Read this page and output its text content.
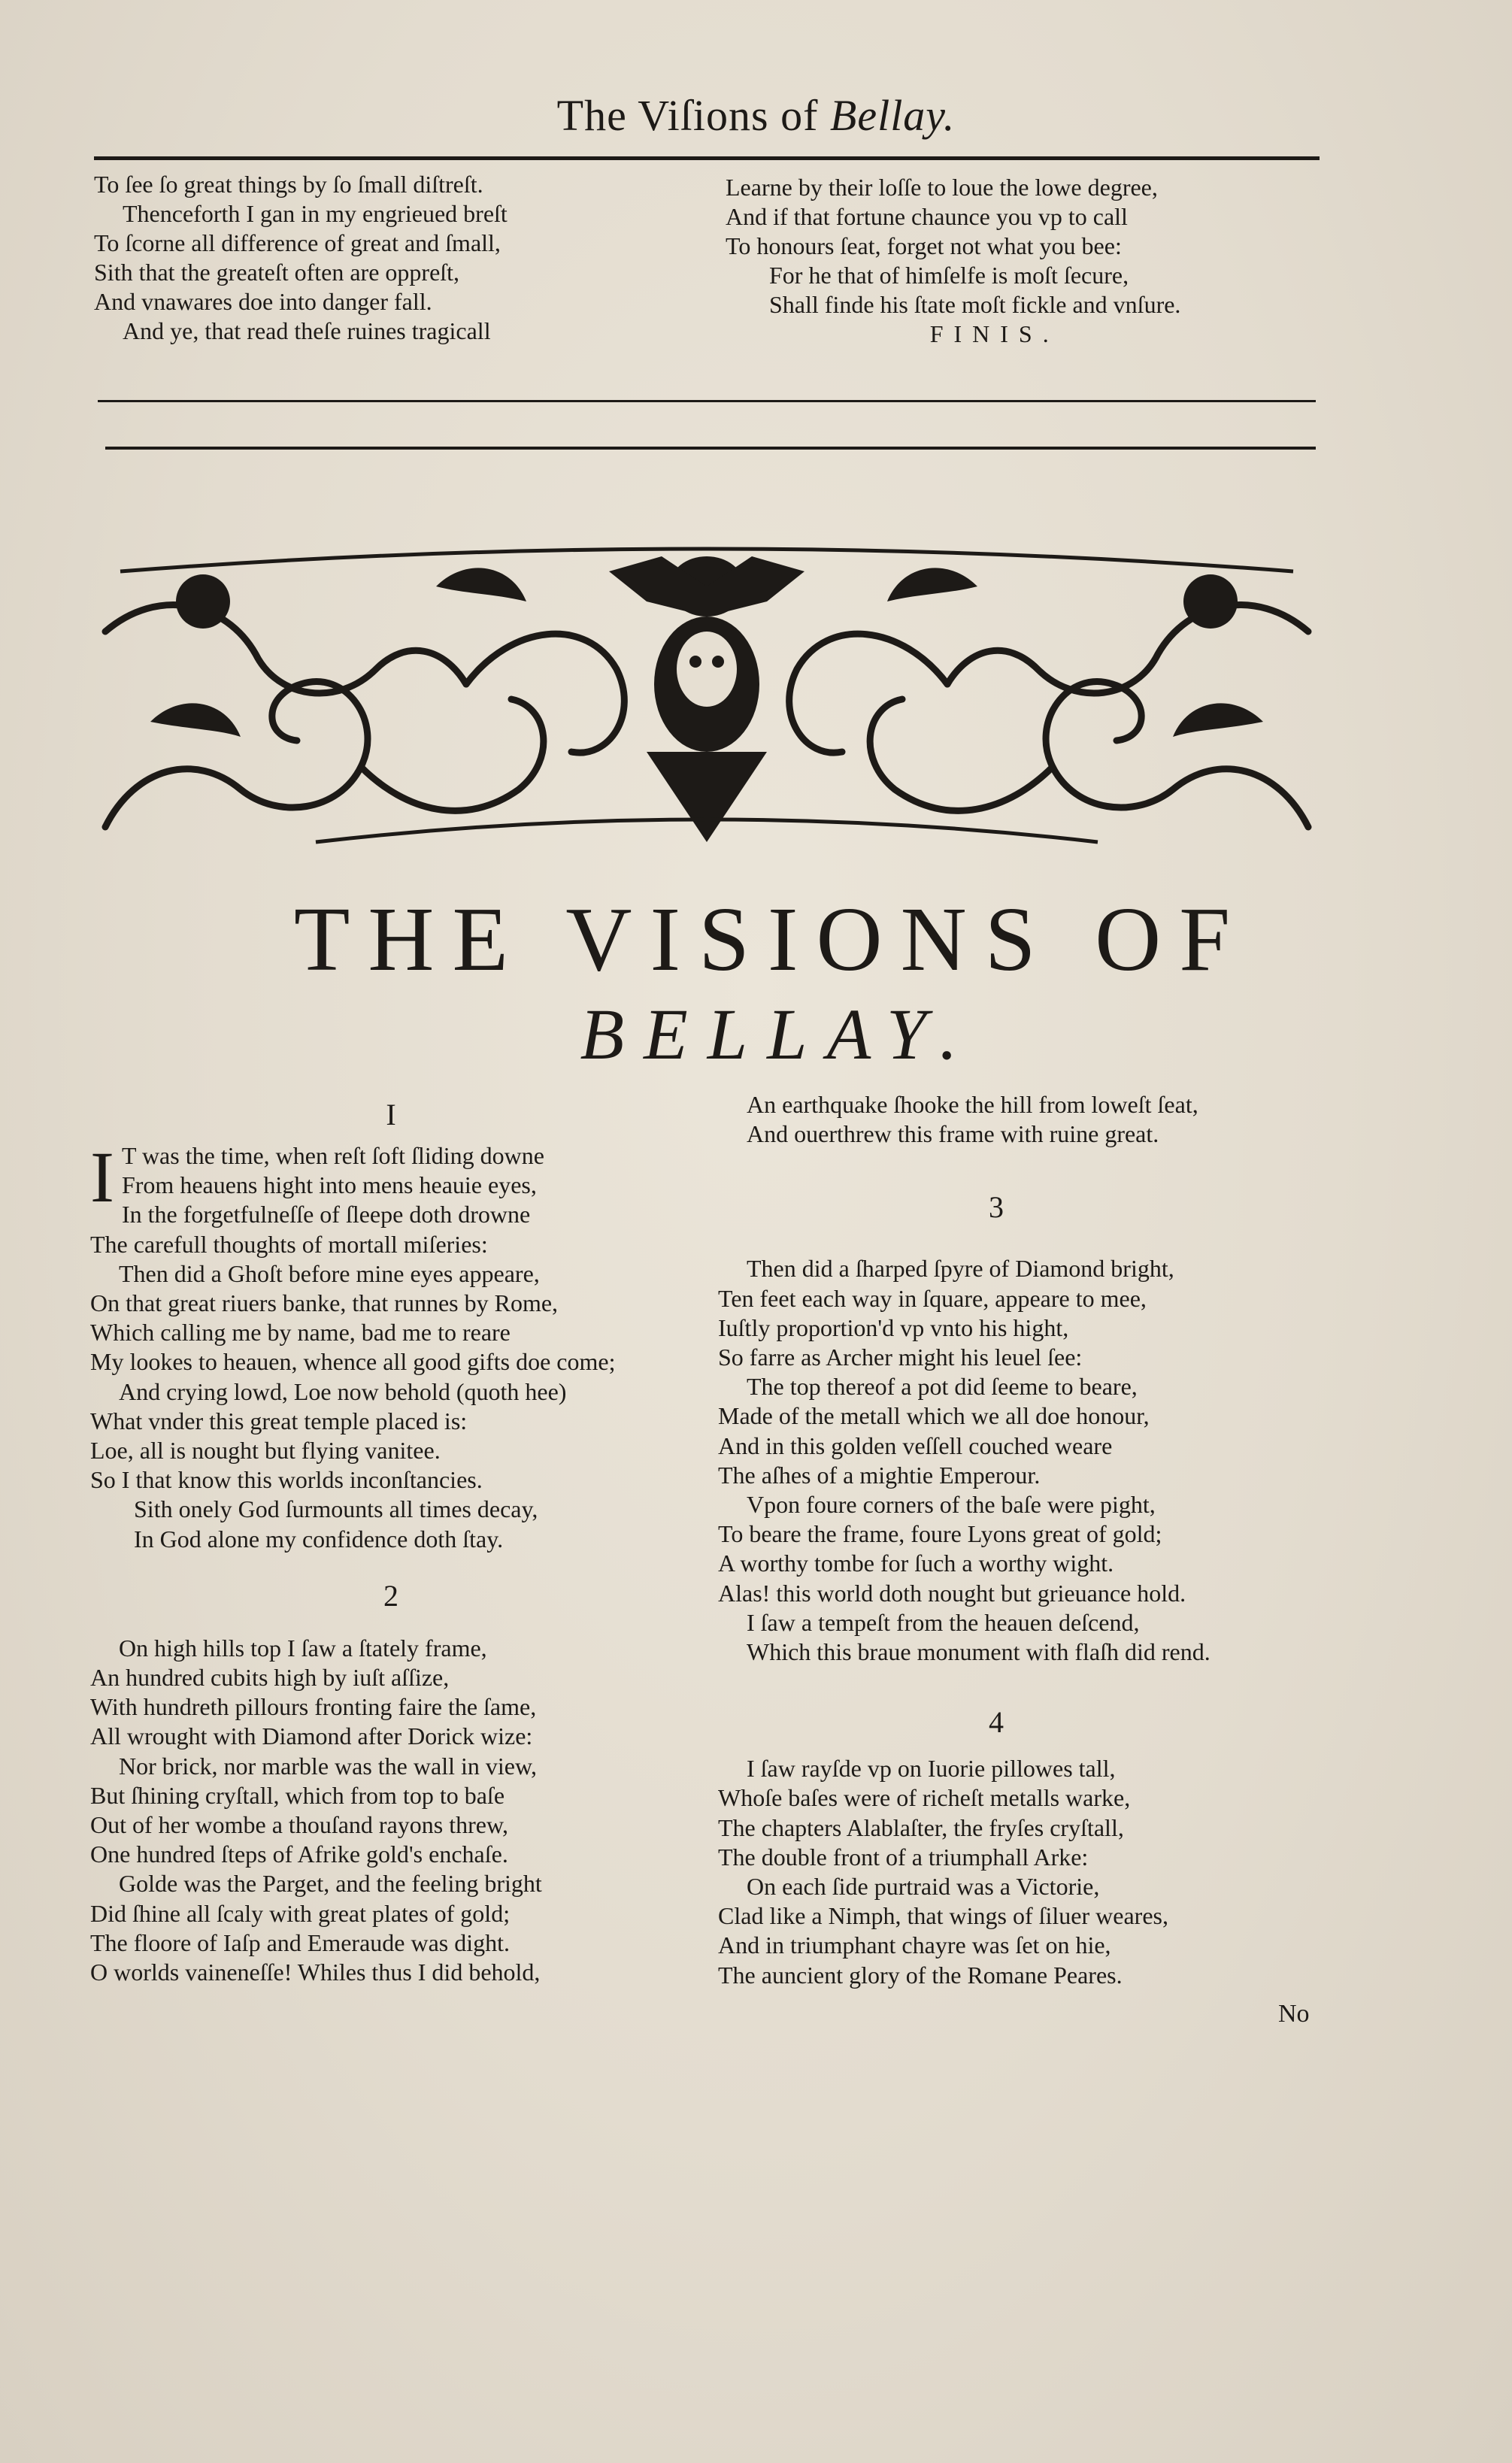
The Viſions of Bellay.
To ſee ſo great things by ſo ſmall diſtreſt.
Thenceforth I gan in my engrieued breſt
To ſcorne all difference of great and ſmall,
Sith that the greateſt often are oppreſt,
And vnawares doe into danger fall.
And ye, that read theſe ruines tragicall
Learne by their loſſe to loue the lowe degree,
And if that fortune chaunce you vp to call
To honours ſeat, forget not what you bee:
For he that of himſelfe is moſt ſecure,
Shall finde his ſtate moſt fickle and vnſure.
FINIS.
THE VISIONS OF
BELLAY.
I
I T was the time, when reſt ſoft ſliding downe
From heauens hight into mens heauie eyes,
In the forgetfulneſſe of ſleepe doth drowne
The carefull thoughts of mortall miſeries:
Then did a Ghoſt before mine eyes appeare,
On that great riuers banke, that runnes by Rome,
Which calling me by name, bad me to reare
My lookes to heauen, whence all good gifts doe come;
And crying lowd, Loe now behold (quoth hee)
What vnder this great temple placed is:
Loe, all is nought but flying vanitee.
So I that know this worlds inconſtancies.
Sith onely God ſurmounts all times decay,
In God alone my confidence doth ſtay.
2
On high hills top I ſaw a ſtately frame,
An hundred cubits high by iuſt aſſize,
With hundreth pillours fronting faire the ſame,
All wrought with Diamond after Dorick wize:
Nor brick, nor marble was the wall in view,
But ſhining cryſtall, which from top to baſe
Out of her wombe a thouſand rayons threw,
One hundred ſteps of Afrike gold's enchaſe.
Golde was the Parget, and the feeling bright
Did ſhine all ſcaly with great plates of gold;
The floore of Iaſp and Emeraude was dight.
O worlds vaineneſſe! Whiles thus I did behold,
An earthquake ſhooke the hill from loweſt ſeat,
And ouerthrew this frame with ruine great.
3
Then did a ſharped ſpyre of Diamond bright,
Ten feet each way in ſquare, appeare to mee,
Iuſtly proportion'd vp vnto his hight,
So farre as Archer might his leuel ſee:
The top thereof a pot did ſeeme to beare,
Made of the metall which we all doe honour,
And in this golden veſſell couched weare
The aſhes of a mightie Emperour.
Vpon foure corners of the baſe were pight,
To beare the frame, foure Lyons great of gold;
A worthy tombe for ſuch a worthy wight.
Alas! this world doth nought but grieuance hold.
I ſaw a tempeſt from the heauen deſcend,
Which this braue monument with flaſh did rend.
4
I ſaw rayſde vp on Iuorie pillowes tall,
Whoſe baſes were of richeſt metalls warke,
The chapters Alablaſter, the fryſes cryſtall,
The double front of a triumphall Arke:
On each ſide purtraid was a Victorie,
Clad like a Nimph, that wings of ſiluer weares,
And in triumphant chayre was ſet on hie,
The auncient glory of the Romane Peares.
No
